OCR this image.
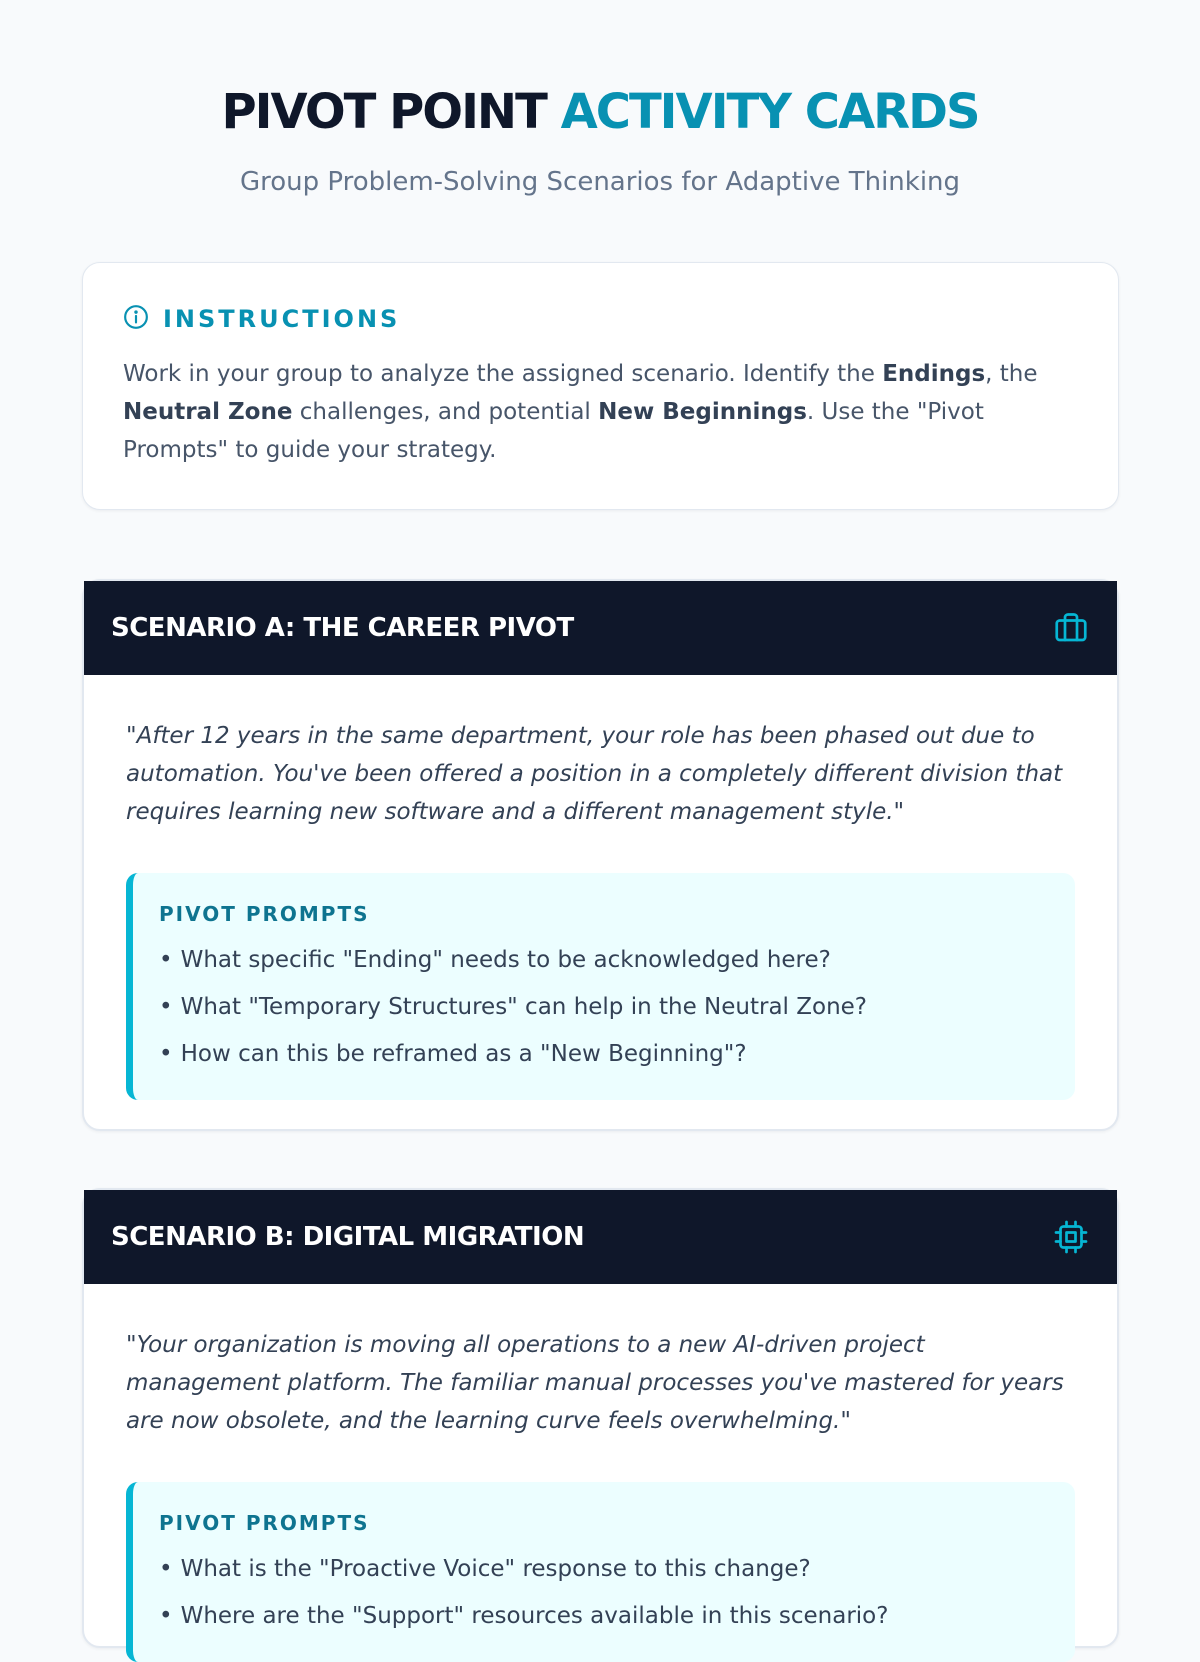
PIVOT POINT ACTIVITY CARDS
Group Problem-Solving Scenarios for Adaptive Thinking
INSTRUCTIONS

Work in your group to analyze the assigned scenario. Identify the Endings, the Neutral Zone challenges, and potential New Beginnings. Use the "Pivot Prompts" to guide your strategy.

SCENARIO A: THE CAREER PIVOT

"After 12 years in the same department, your role has been phased out due to automation. You've been offered a position in a completely different division that requires learning new software and a different management style."

PIVOT PROMPTS
• What specific "Ending" needs to be acknowledged here?
• What "Temporary Structures" can help in the Neutral Zone?
• How can this be reframed as a "New Beginning"?
SCENARIO B: DIGITAL MIGRATION

"Your organization is moving all operations to a new AI-driven project management platform. The familiar manual processes you've mastered for years are now obsolete, and the learning curve feels overwhelming."

PIVOT PROMPTS
• What is the "Proactive Voice" response to this change?
• Where are the "Support" resources available in this scenario?
